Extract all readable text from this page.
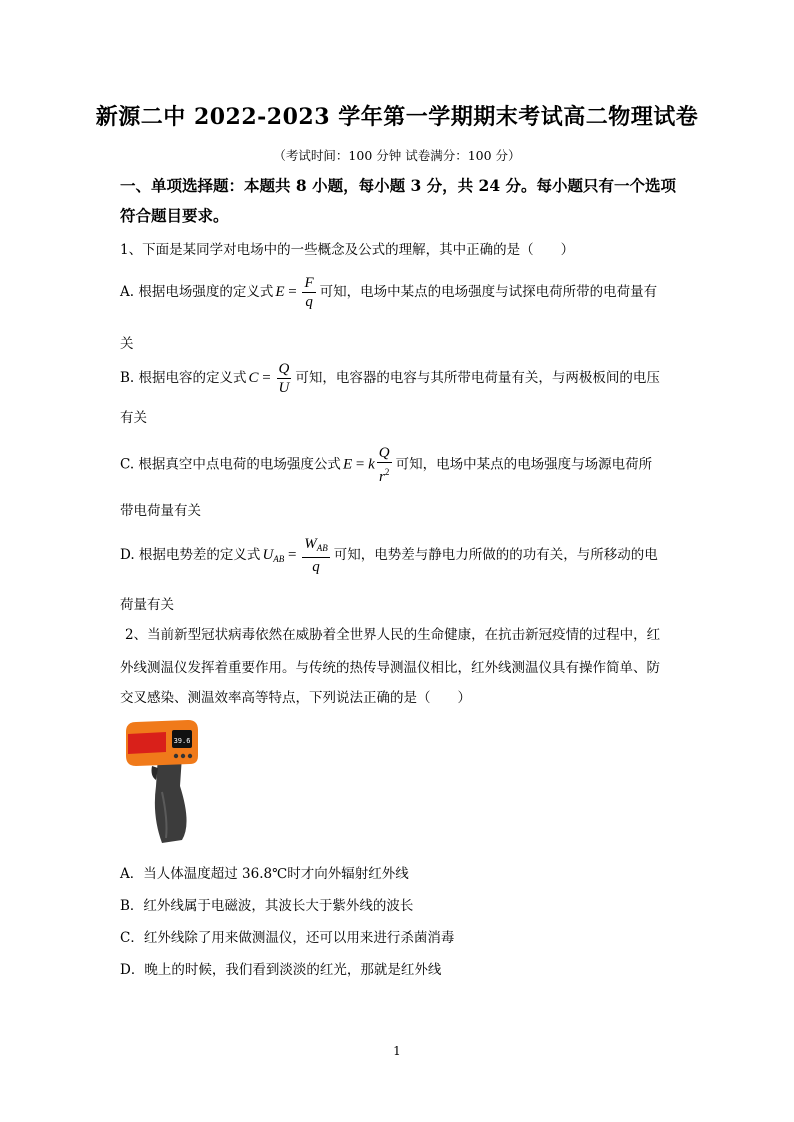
新源二中 2022-2023 学年第一学期期末考试高二物理试卷
（考试时间：100 分钟 试卷满分：100 分）
一、单项选择题：本题共 8 小题，每小题 3 分，共 24 分。每小题只有一个选项
符合题目要求。
1、下面是某同学对电场中的一些概念及公式的理解，其中正确的是（　　）
A. 根据电场强度的定义式 $E = \frac{F}{q}$ 可知，电场中某点的电场强度与试探电荷所带的电荷量有
关
B. 根据电容的定义式 $C = \frac{Q}{U}$ 可知，电容器的电容与其所带电荷量有关，与两极板间的电压
有关
C. 根据真空中点电荷的电场强度公式 E = k $\frac{Q}{r^2}$ 可知，电场中某点的电场强度与场源电荷所
带电荷量有关
D. 根据电势差的定义式 $U_{AB} = \frac{W_{AB}}{q}$ 可知，电势差与静电力所做的的功有关，与所移动的电
荷量有关
2、当前新型冠状病毒依然在威胁着全世界人民的生命健康，在抗击新冠疫情的过程中，红
外线测温仪发挥着重要作用。与传统的热传导测温仪相比，红外线测温仪具有操作简单、防
交叉感染、测温效率高等特点，下列说法正确的是（　　）
39.6
A．当人体温度超过 36.8℃时才向外辐射红外线
B．红外线属于电磁波，其波长大于紫外线的波长
C．红外线除了用来做测温仪，还可以用来进行杀菌消毒
D．晚上的时候，我们看到淡淡的红光，那就是红外线
1
